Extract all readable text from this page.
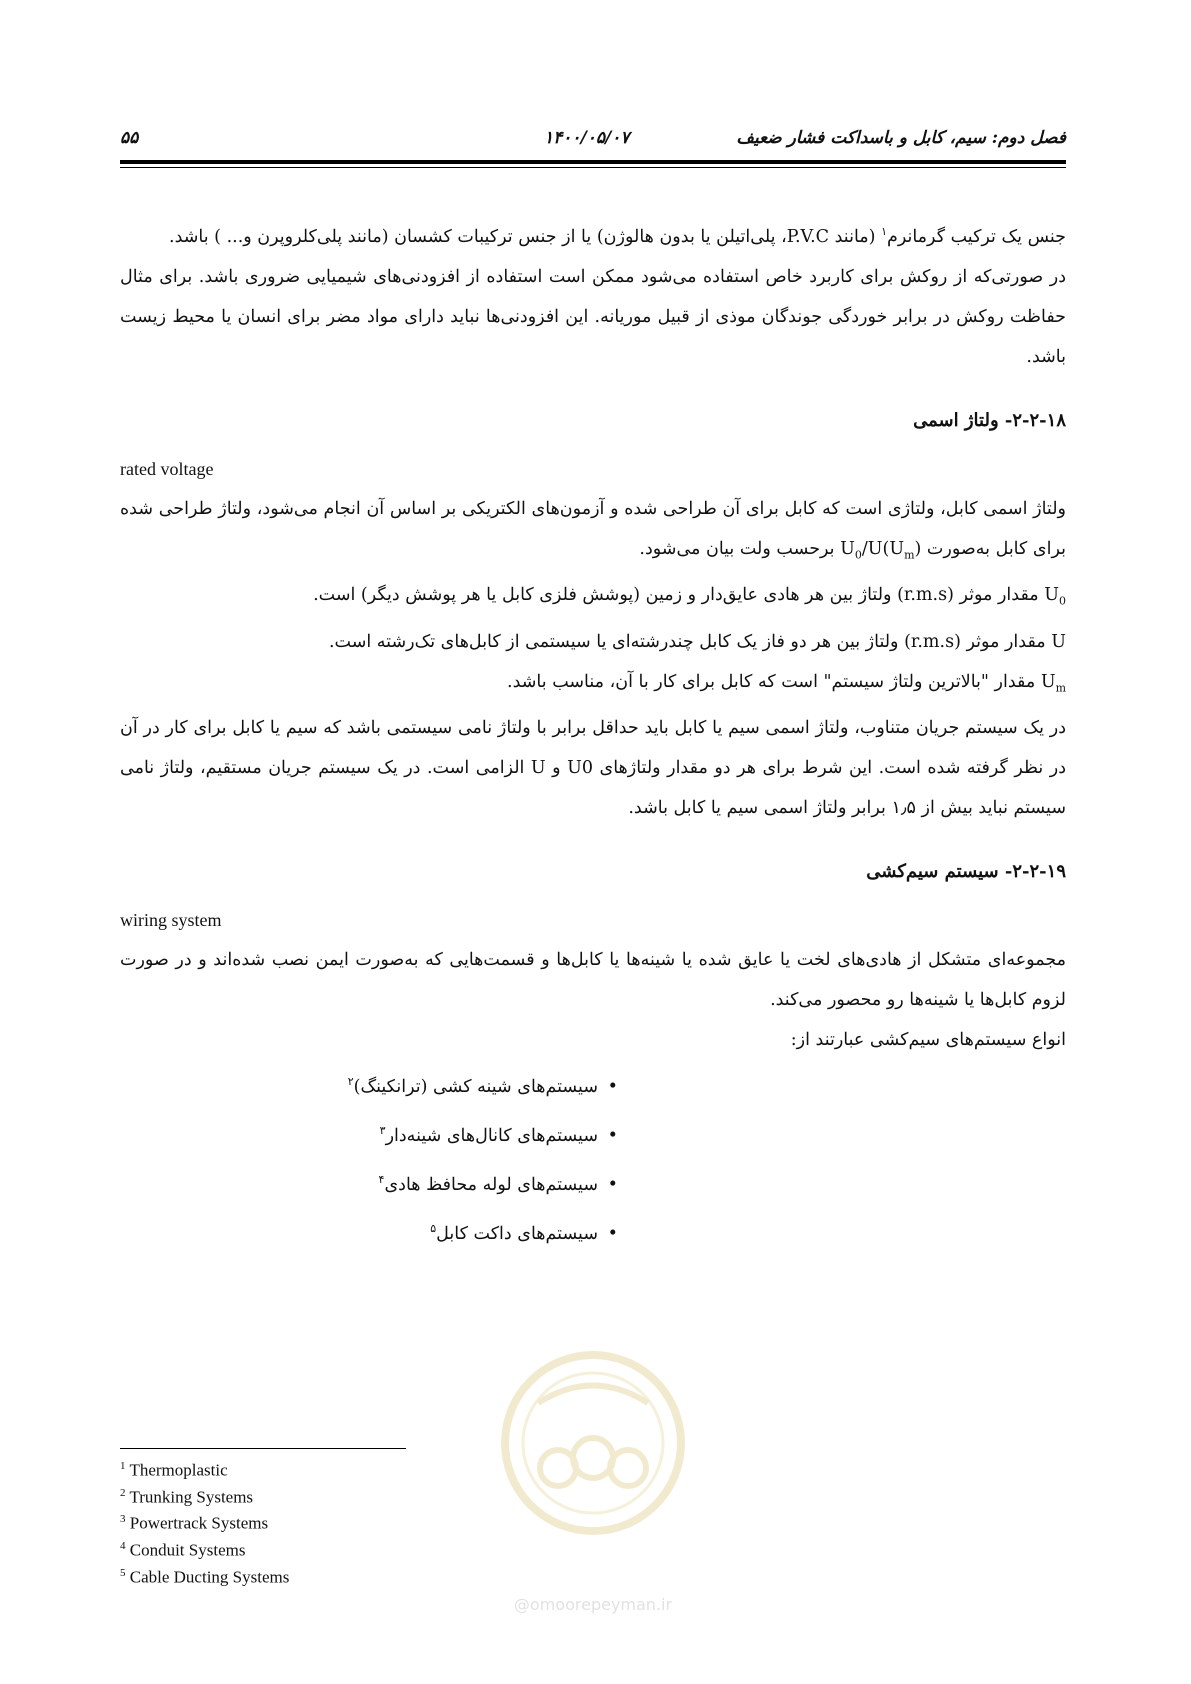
فصل دوم: سیم، کابل و باسداکت فشار ضعیف
۱۴۰۰/۰۵/۰۷
۵۵

جنس یک ترکیب گرمانرم$^۱$ (مانند P.V.C، پلی‌اتیلن یا بدون هالوژن) یا از جنس ترکیبات کشسان (مانند پلی‌کلروپرن و... ) باشد.

در صورتی‌که از روکش برای کاربرد خاص استفاده می‌شود ممکن است استفاده از افزودنی‌های شیمیایی ضروری باشد. برای مثال حفاظت روکش در برابر خوردگی جوندگان موذی از قبیل موریانه. این افزودنی‌ها نباید دارای مواد مضر برای انسان یا محیط زیست باشد.

۲-۲-۱۸- ولتاژ اسمی

rated voltage

ولتاژ اسمی کابل، ولتاژی است که کابل برای آن طراحی شده و آزمون‌های الکتریکی بر اساس آن انجام می‌شود، ولتاژ طراحی شده برای کابل به‌صورت $U_0/U(U_m)$ برحسب ولت بیان می‌شود.

$U_0$ مقدار موثر (r.m.s) ولتاژ بین هر هادی عایق‌دار و زمین (پوشش فلزی کابل یا هر پوشش دیگر) است.

U مقدار موثر (r.m.s) ولتاژ بین هر دو فاز یک کابل چندرشته‌ای یا سیستمی از کابل‌های تک‌رشته است.

$U_m$ مقدار "بالاترین ولتاژ سیستم" است که کابل برای کار با آن، مناسب باشد.

در یک سیستم جریان متناوب، ولتاژ اسمی سیم یا کابل باید حداقل برابر با ولتاژ نامی سیستمی باشد که سیم یا کابل برای کار در آن در نظر گرفته شده است. این شرط برای هر دو مقدار ولتاژهای U0 و U الزامی است. در یک سیستم جریان مستقیم، ولتاژ نامی سیستم نباید بیش از ۱٫۵ برابر ولتاژ اسمی سیم یا کابل باشد.

۲-۲-۱۹- سیستم سیم‌کشی

wiring system

مجموعه‌ای متشکل از هادی‌های لخت یا عایق شده یا شینه‌ها یا کابل‌ها و قسمت‌هایی که به‌صورت ایمن نصب شده‌اند و در صورت لزوم کابل‌ها یا شینه‌ها رو محصور می‌کند.

انواع سیستم‌های سیم‌کشی عبارتند از:

•سیستم‌های شینه کشی (ترانکینگ)$^۲$
•سیستم‌های کانال‌های شینه‌دار$^۳$
•سیستم‌های لوله محافظ هادی$^۴$
•سیستم‌های داکت کابل$^۵$
@omoorepeyman.ir
$^1$ Thermoplastic
$^2$ Trunking Systems
$^3$ Powertrack Systems
$^4$ Conduit Systems
$^5$ Cable Ducting Systems
